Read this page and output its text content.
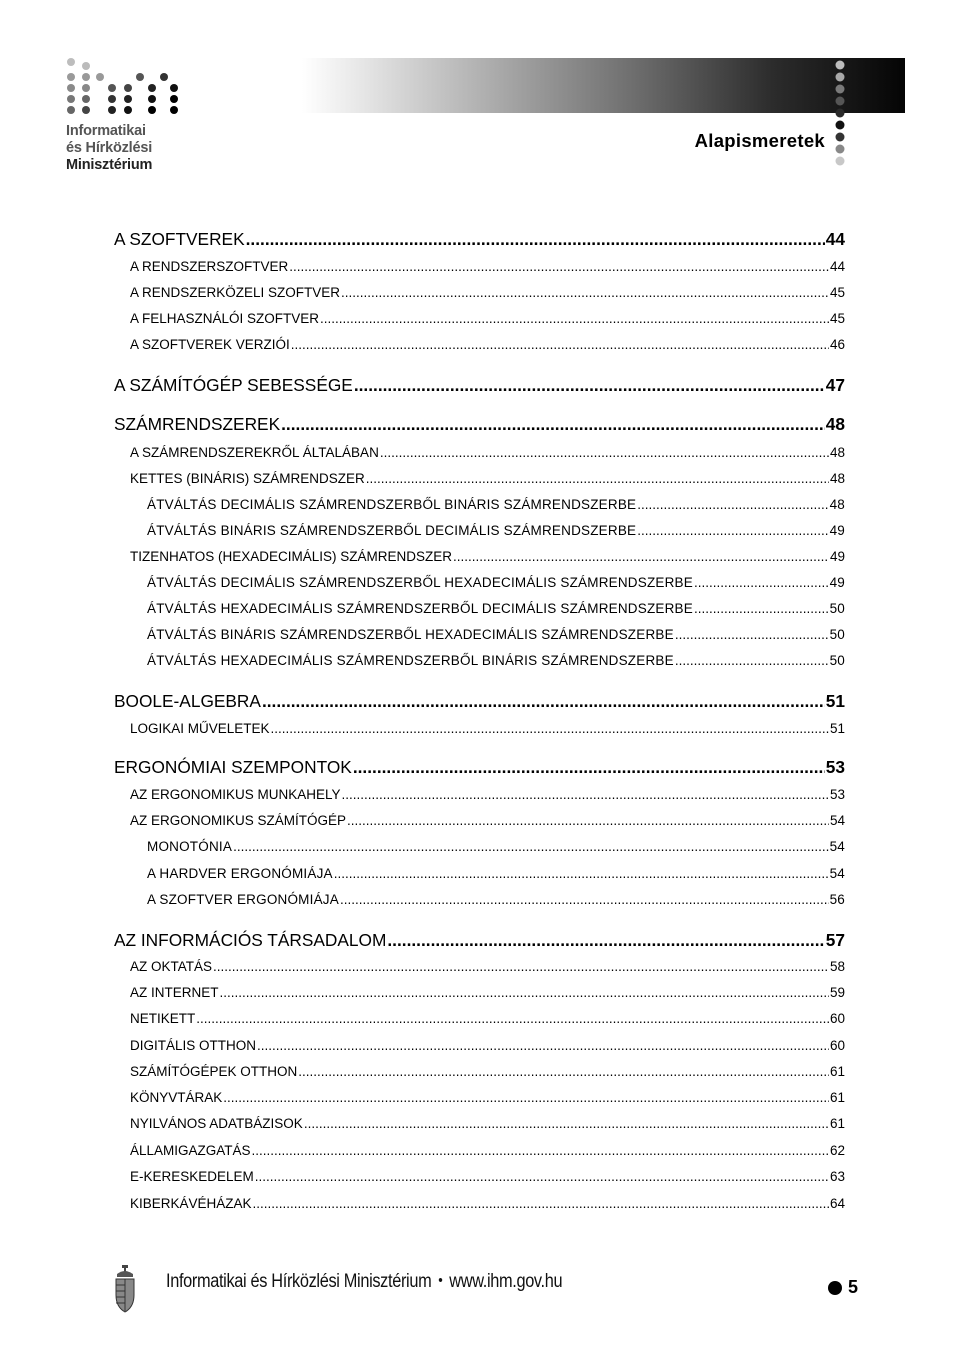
Informatikai
és Hírközlési
Minisztérium
Alapismeretek
A SZOFTVEREK .....	44
A RENDSZERSZOFTVER .....	44
A RENDSZERKÖZELI SZOFTVER .....	45
A FELHASZNÁLÓI SZOFTVER .....	45
A SZOFTVEREK VERZIÓI .....	46
A SZÁMÍTÓGÉP SEBESSÉGE .....	47
SZÁMRENDSZEREK .....	48
A SZÁMRENDSZEREKRŐL ÁLTALÁBAN .....	48
KETTES (BINÁRIS) SZÁMRENDSZER .....	48
ÁTVÁLTÁS DECIMÁLIS SZÁMRENDSZERBŐL BINÁRIS SZÁMRENDSZERBE .....	48
ÁTVÁLTÁS BINÁRIS SZÁMRENDSZERBŐL DECIMÁLIS SZÁMRENDSZERBE .....	49
TIZENHATOS (HEXADECIMÁLIS) SZÁMRENDSZER .....	49
ÁTVÁLTÁS DECIMÁLIS SZÁMRENDSZERBŐL HEXADECIMÁLIS SZÁMRENDSZERBE .....	49
ÁTVÁLTÁS HEXADECIMÁLIS SZÁMRENDSZERBŐL DECIMÁLIS SZÁMRENDSZERBE .....	50
ÁTVÁLTÁS BINÁRIS SZÁMRENDSZERBŐL HEXADECIMÁLIS SZÁMRENDSZERBE .....	50
ÁTVÁLTÁS HEXADECIMÁLIS SZÁMRENDSZERBŐL BINÁRIS SZÁMRENDSZERBE .....	50
BOOLE-ALGEBRA .....	51
LOGIKAI MŰVELETEK .....	51
ERGONÓMIAI SZEMPONTOK .....	53
AZ ERGONOMIKUS MUNKAHELY .....	53
AZ ERGONOMIKUS SZÁMÍTÓGÉP .....	54
MONOTÓNIA .....	54
A HARDVER ERGONÓMIÁJA .....	54
A SZOFTVER ERGONÓMIÁJA .....	56
AZ INFORMÁCIÓS TÁRSADALOM .....	57
AZ OKTATÁS .....	58
AZ INTERNET .....	59
NETIKETT .....	60
DIGITÁLIS OTTHON .....	60
SZÁMÍTÓGÉPEK OTTHON .....	61
KÖNYVTÁRAK .....	61
NYILVÁNOS ADATBÁZISOK .....	61
ÁLLAMIGAZGATÁS .....	62
E-KERESKEDELEM .....	63
KIBERKÁVÉHÁZAK .....	64
Informatikai és Hírközlési Minisztérium • www.ihm.gov.hu	5
